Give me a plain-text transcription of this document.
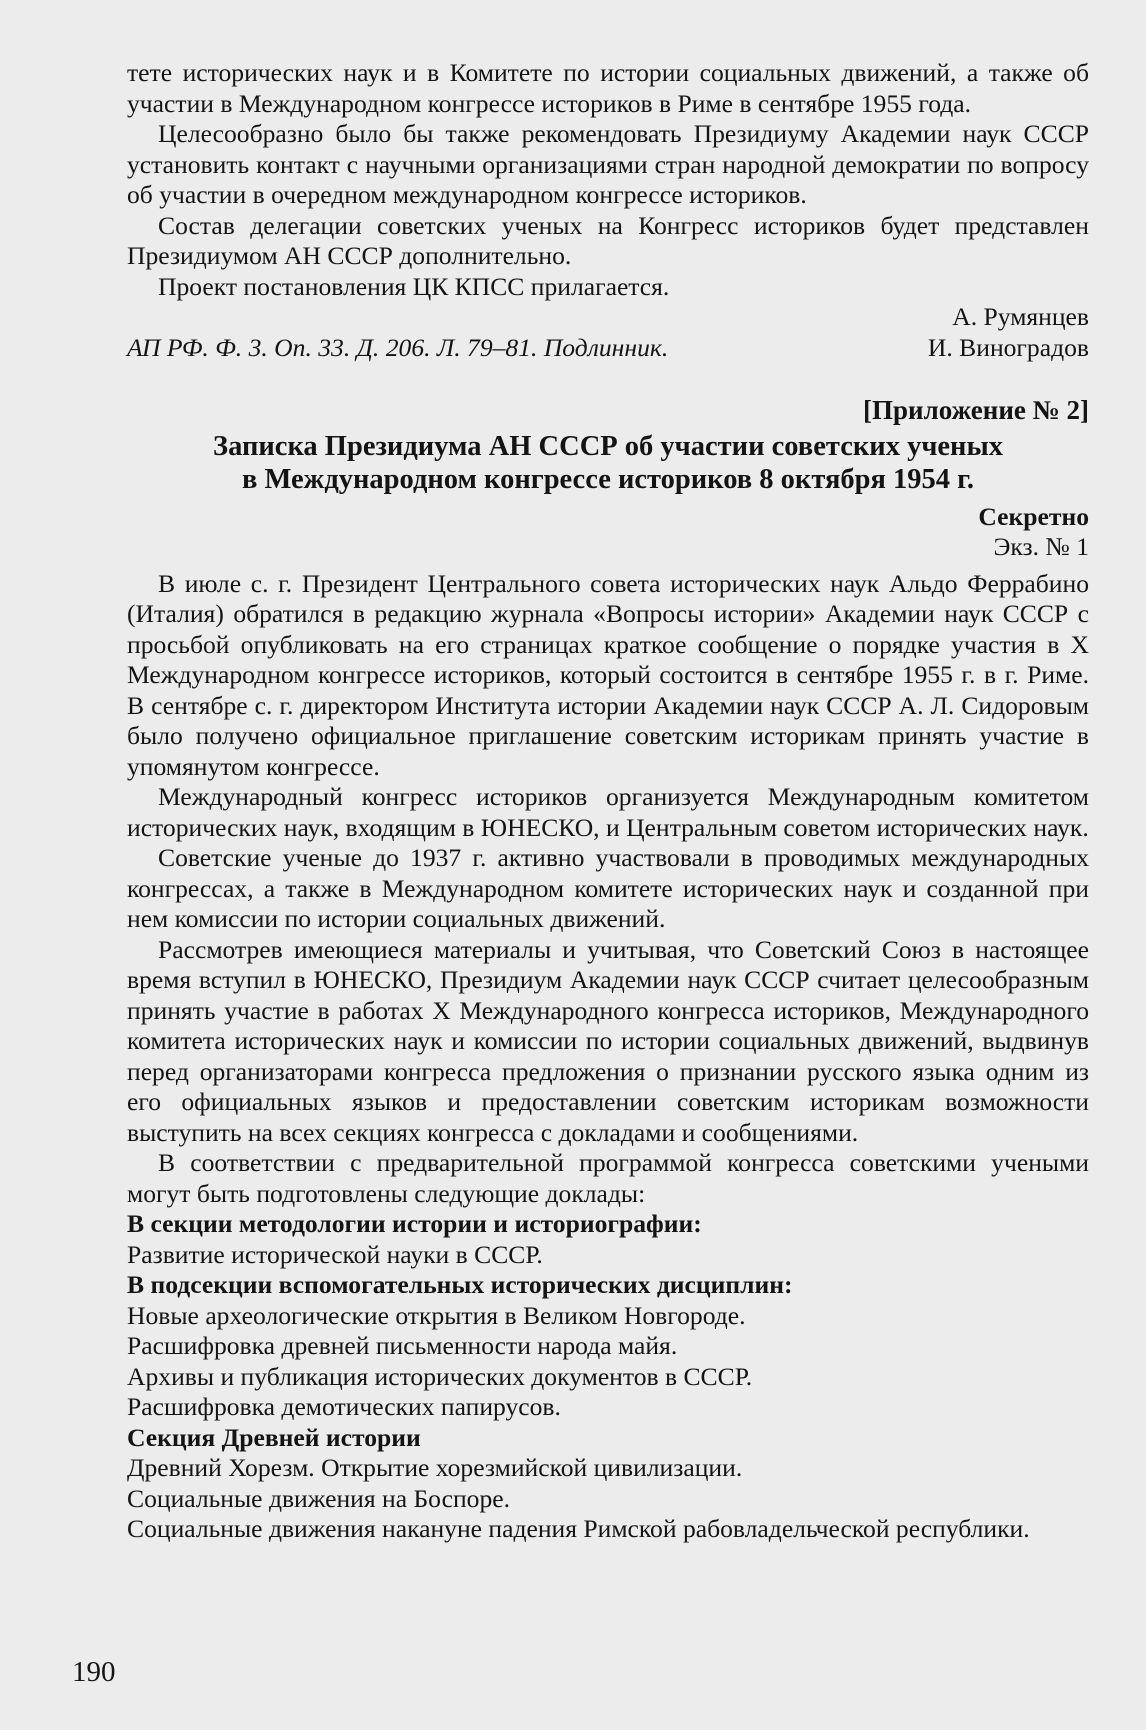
тете исторических наук и в Комитете по истории социальных движений, а также об участии в Международном конгрессе историков в Риме в сентябре 1955 года.

Целесообразно было бы также рекомендовать Президиуму Академии наук СССР установить контакт с научными организациями стран народной демократии по вопросу об участии в очередном международном конгрессе историков.

Состав делегации советских ученых на Конгресс историков будет представлен Президиумом АН СССР дополнительно.

Проект постановления ЦК КПСС прилагается.

А. Румянцев
АП РФ. Ф. 3. Оп. 33. Д. 206. Л. 79–81. Подлинник.	И. Виноградов
[Приложение № 2]
Записка Президиума АН СССР об участии советских ученых
в Международном конгрессе историков 8 октября 1954 г.
Секретно
Экз. № 1

В июле с. г. Президент Центрального совета исторических наук Альдо Феррабино (Италия) обратился в редакцию журнала «Вопросы истории» Академии наук СССР с просьбой опубликовать на его страницах краткое сообщение о порядке участия в X Международном конгрессе историков, который состоится в сентябре 1955 г. в г. Риме. В сентябре с. г. директором Института истории Академии наук СССР А. Л. Сидоровым было получено официальное приглашение советским историкам принять участие в упомянутом конгрессе.

Международный конгресс историков организуется Международным комитетом исторических наук, входящим в ЮНЕСКО, и Центральным советом исторических наук.

Советские ученые до 1937 г. активно участвовали в проводимых международных конгрессах, а также в Международном комитете исторических наук и созданной при нем комиссии по истории социальных движений.

Рассмотрев имеющиеся материалы и учитывая, что Советский Союз в настоящее время вступил в ЮНЕСКО, Президиум Академии наук СССР считает целесообразным принять участие в работах X Международного конгресса историков, Международного комитета исторических наук и комиссии по истории социальных движений, выдвинув перед организаторами конгресса предложения о признании русского языка одним из его официальных языков и предоставлении советским историкам возможности выступить на всех секциях конгресса с докладами и сообщениями.

В соответствии с предварительной программой конгресса советскими учеными могут быть подготовлены следующие доклады:

В секции методологии истории и историографии:

Развитие исторической науки в СССР.

В подсекции вспомогательных исторических дисциплин:

Новые археологические открытия в Великом Новгороде.

Расшифровка древней письменности народа майя.

Архивы и публикация исторических документов в СССР.

Расшифровка демотических папирусов.

Секция Древней истории

Древний Хорезм. Открытие хорезмийской цивилизации.

Социальные движения на Боспоре.

Социальные движения накануне падения Римской рабовладельческой республики.

190
